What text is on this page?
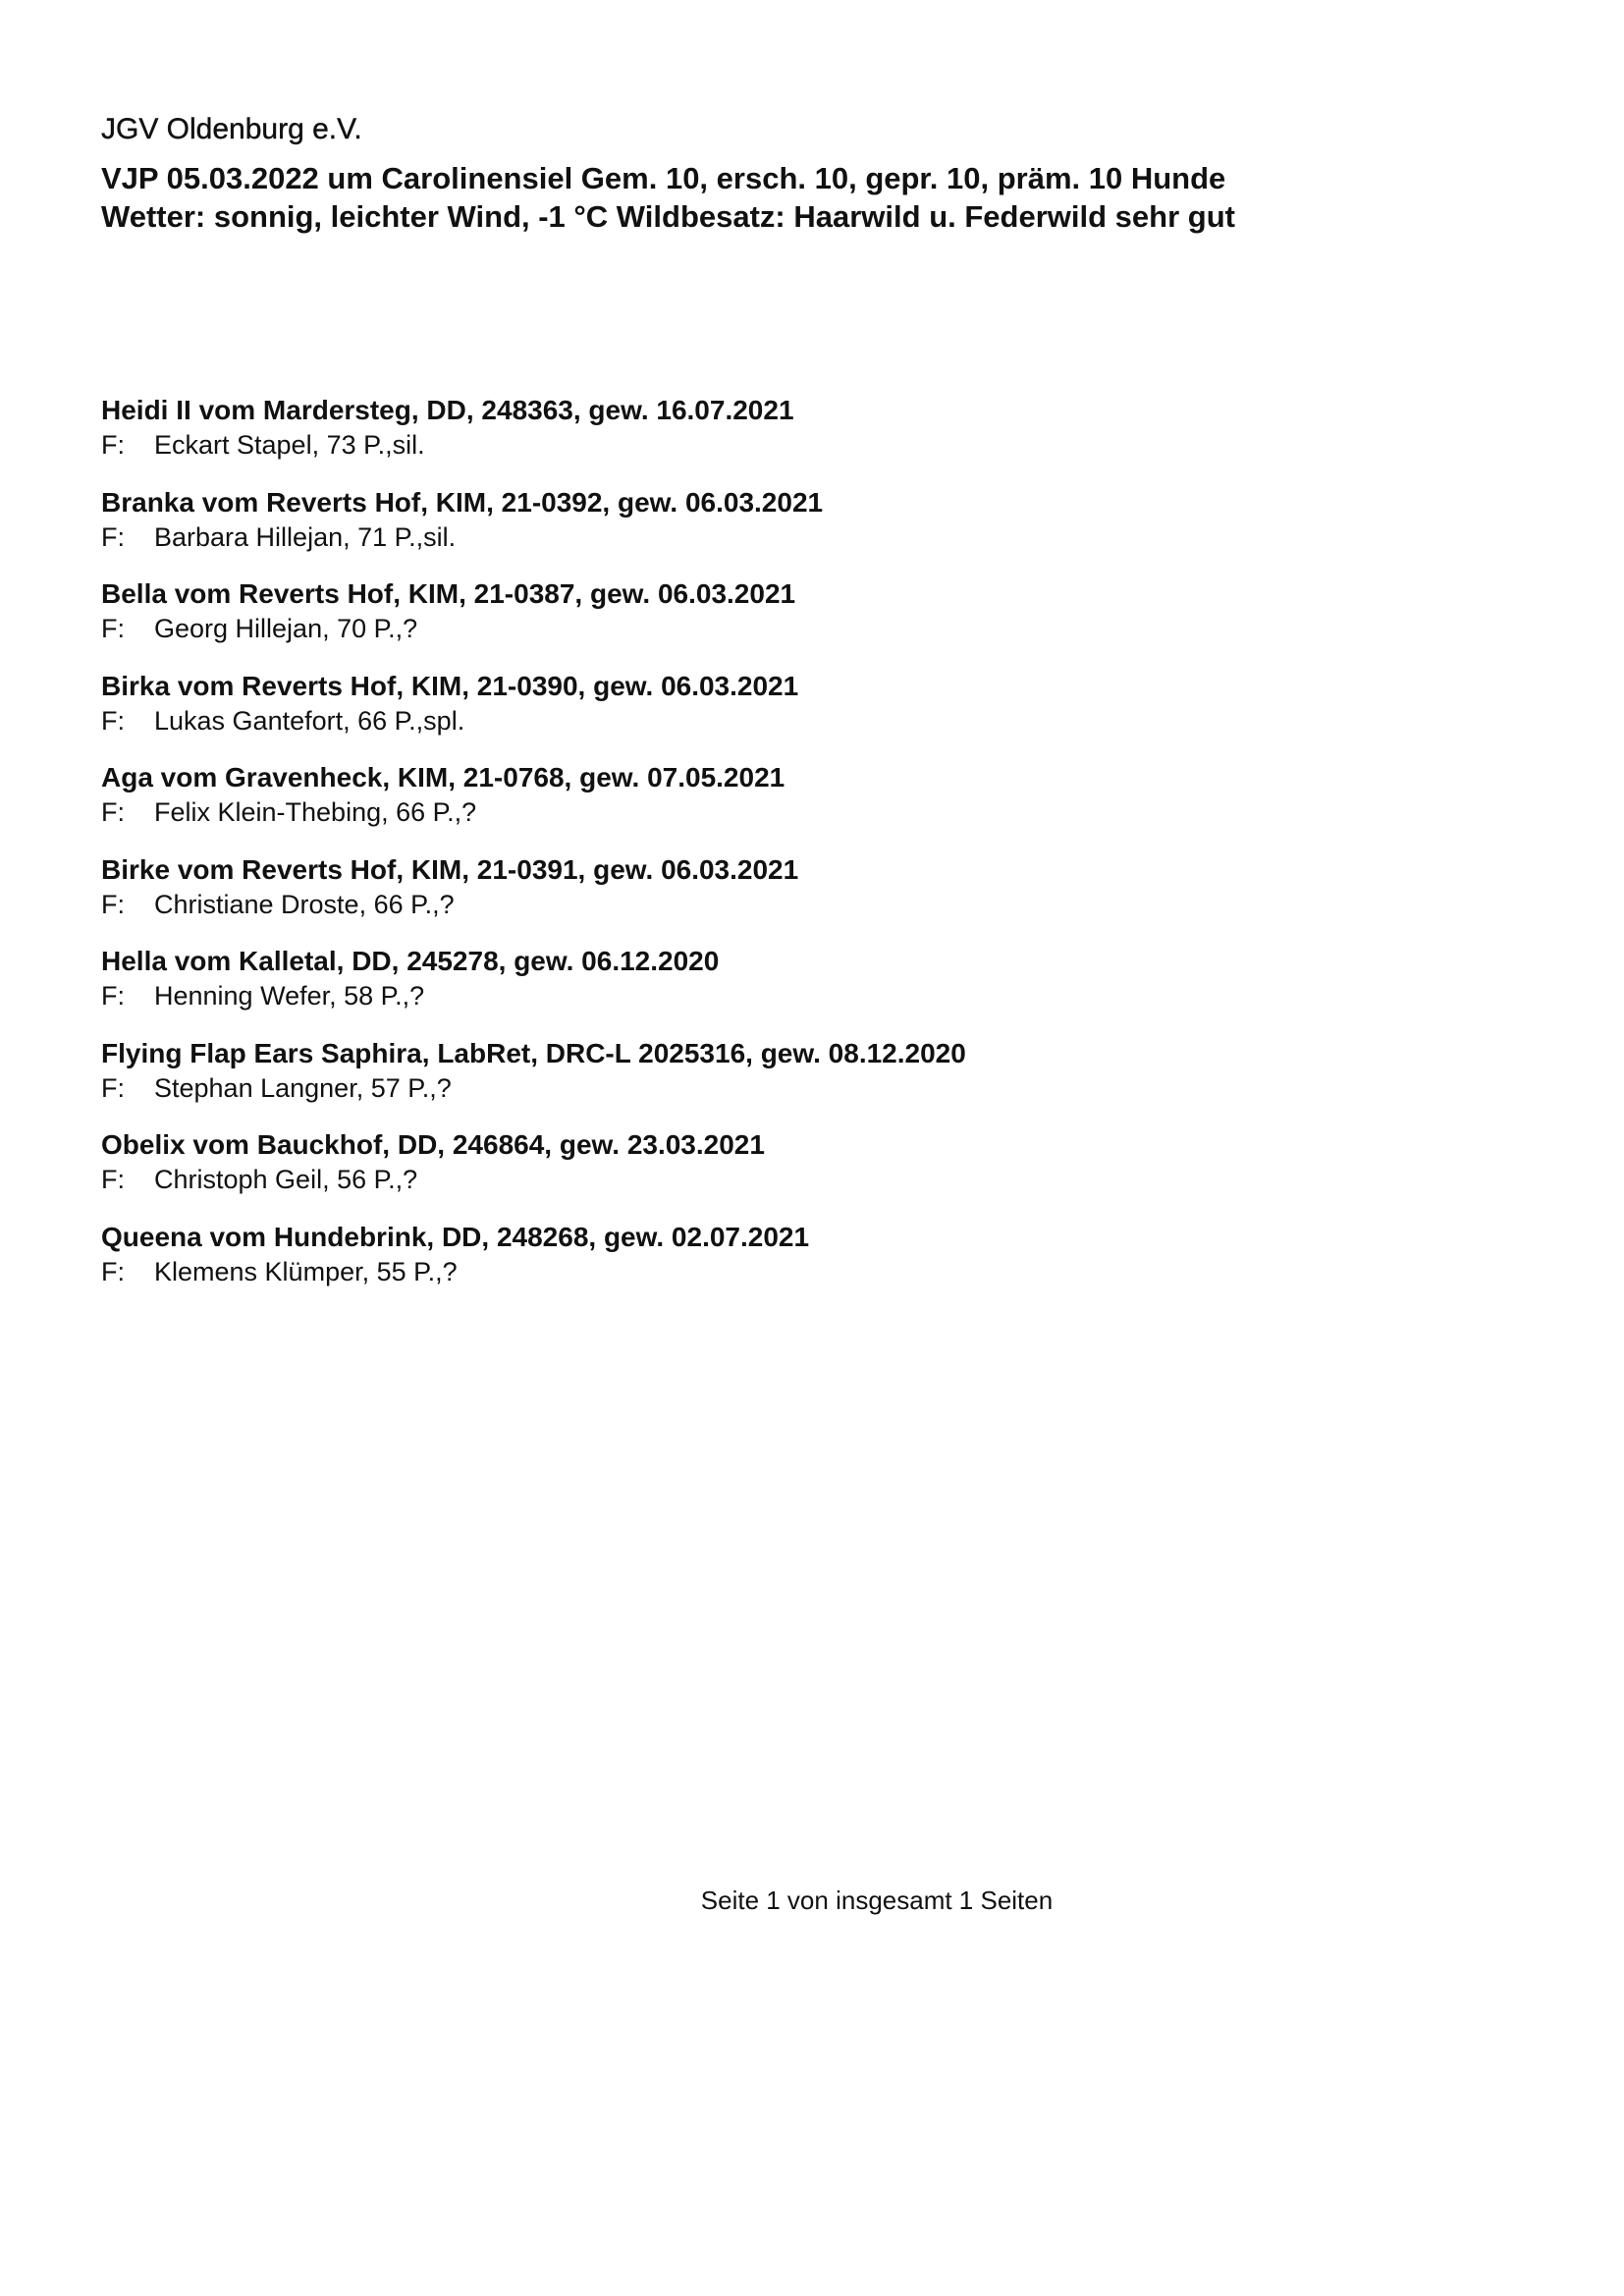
JGV Oldenburg e.V.
VJP 05.03.2022 um Carolinensiel Gem. 10, ersch. 10, gepr. 10, präm. 10 Hunde
Wetter: sonnig, leichter Wind, -1 °C Wildbesatz: Haarwild u. Federwild sehr gut
Heidi II vom Mardersteg, DD, 248363, gew. 16.07.2021
F: Eckart Stapel, 73 P.,sil.
Branka vom Reverts Hof, KIM, 21-0392, gew. 06.03.2021
F: Barbara Hillejan, 71 P.,sil.
Bella vom Reverts Hof, KIM, 21-0387, gew. 06.03.2021
F: Georg Hillejan, 70 P.,?
Birka vom Reverts Hof, KIM, 21-0390, gew. 06.03.2021
F: Lukas Gantefort, 66 P.,spl.
Aga vom Gravenheck, KIM, 21-0768, gew. 07.05.2021
F: Felix Klein-Thebing, 66 P.,?
Birke vom Reverts Hof, KIM, 21-0391, gew. 06.03.2021
F: Christiane Droste, 66 P.,?
Hella vom Kalletal, DD, 245278, gew. 06.12.2020
F: Henning Wefer, 58 P.,?
Flying Flap Ears Saphira, LabRet, DRC-L 2025316, gew. 08.12.2020
F: Stephan Langner, 57 P.,?
Obelix vom Bauckhof, DD, 246864, gew. 23.03.2021
F: Christoph Geil, 56 P.,?
Queena vom Hundebrink, DD, 248268, gew. 02.07.2021
F: Klemens Klümper, 55 P.,?
Seite 1 von insgesamt 1 Seiten
